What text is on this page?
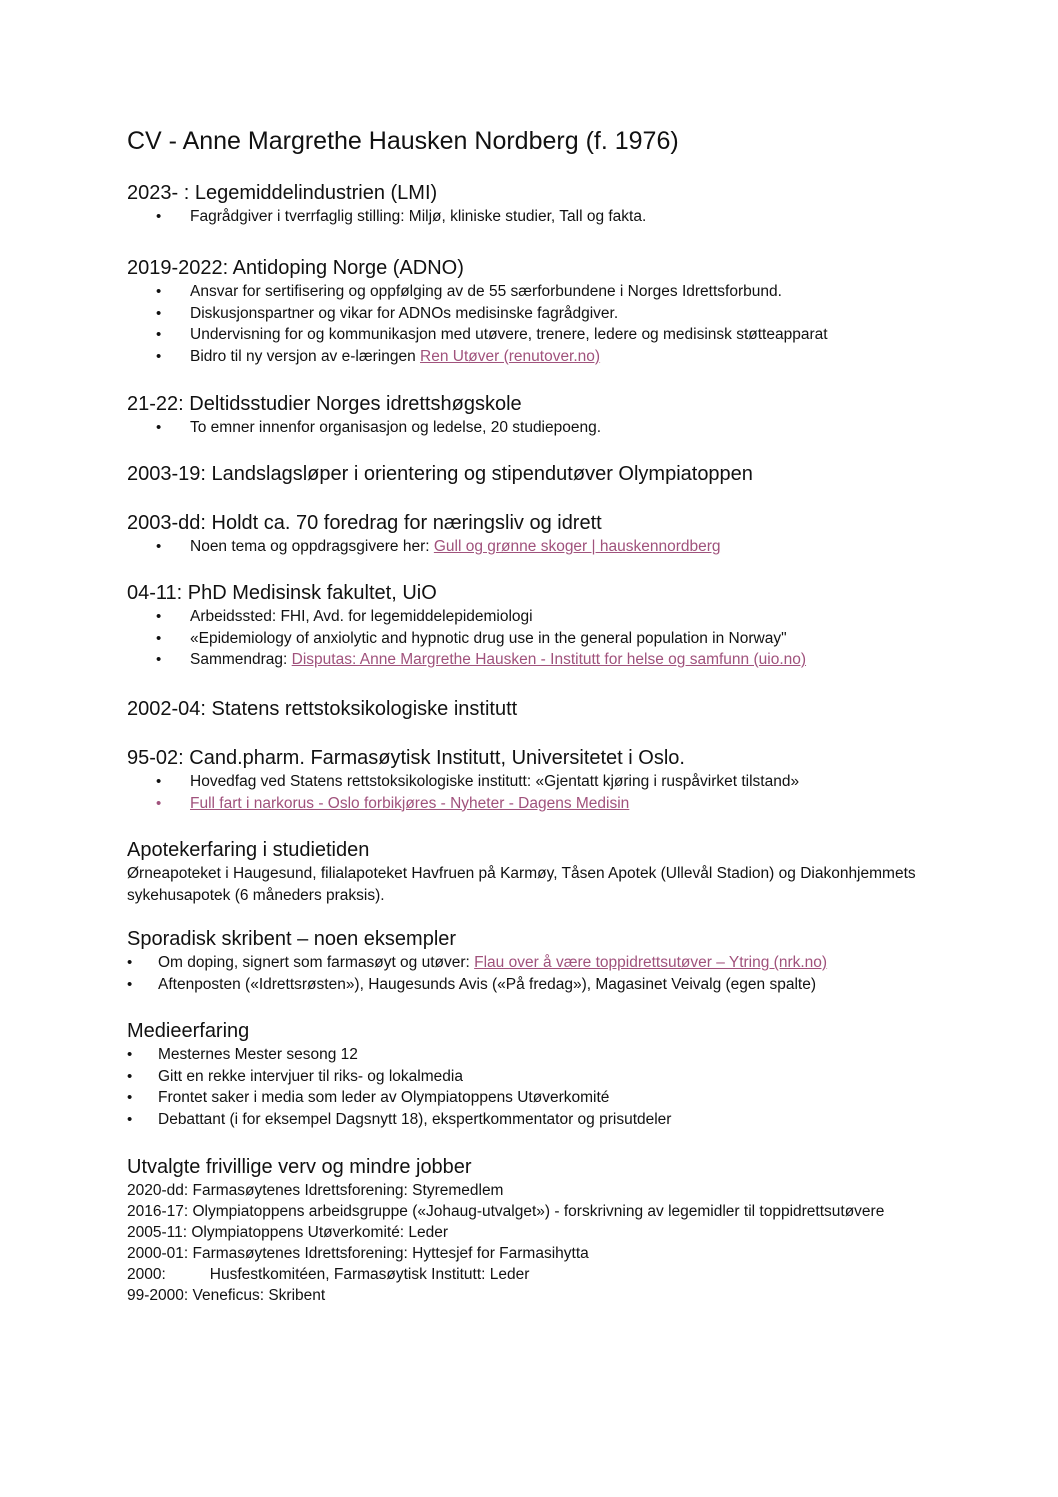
CV - Anne Margrethe Hausken Nordberg (f. 1976)
2023- : Legemiddelindustrien (LMI)
• Fagrådgiver i tverrfaglig stilling: Miljø, kliniske studier, Tall og fakta.
2019-2022: Antidoping Norge (ADNO)
• Ansvar for sertifisering og oppfølging av de 55 særforbundene i Norges Idrettsforbund.
• Diskusjonspartner og vikar for ADNOs medisinske fagrådgiver.
• Undervisning for og kommunikasjon med utøvere, trenere, ledere og medisinsk støtteapparat
• Bidro til ny versjon av e-læringen Ren Utøver (renutover.no)
21-22: Deltidsstudier Norges idrettshøgskole
• To emner innenfor organisasjon og ledelse, 20 studiepoeng.
2003-19: Landslagsløper i orientering og stipendutøver Olympiatoppen
2003-dd: Holdt ca. 70 foredrag for næringsliv og idrett
• Noen tema og oppdragsgivere her: Gull og grønne skoger | hauskennordberg
04-11: PhD Medisinsk fakultet, UiO
• Arbeidssted: FHI, Avd. for legemiddelepidemiologi
• «Epidemiology of anxiolytic and hypnotic drug use in the general population in Norway"
• Sammendrag: Disputas: Anne Margrethe Hausken - Institutt for helse og samfunn (uio.no)
2002-04: Statens rettstoksikologiske institutt
95-02: Cand.pharm. Farmasøytisk Institutt, Universitetet i Oslo.
• Hovedfag ved Statens rettstoksikologiske institutt: «Gjentatt kjøring i ruspåvirket tilstand»
• Full fart i narkorus - Oslo forbikjøres - Nyheter - Dagens Medisin
Apotekerfaring i studietiden

Ørneapoteket i Haugesund, filialapoteket Havfruen på Karmøy, Tåsen Apotek (Ullevål Stadion) og Diakonhjemmets sykehusapotek (6 måneders praksis).

Sporadisk skribent – noen eksempler
• Om doping, signert som farmasøyt og utøver: Flau over å være toppidrettsutøver – Ytring (nrk.no)
• Aftenposten («Idrettsrøsten»), Haugesunds Avis («På fredag»), Magasinet Veivalg (egen spalte)
Medieerfaring
• Mesternes Mester sesong 12
• Gitt en rekke intervjuer til riks- og lokalmedia
• Frontet saker i media som leder av Olympiatoppens Utøverkomité
• Debattant (i for eksempel Dagsnytt 18), ekspertkommentator og prisutdeler
Utvalgte frivillige verv og mindre jobber

2020-dd: Farmasøytenes Idrettsforening: Styremedlem

2016-17: Olympiatoppens arbeidsgruppe («Johaug-utvalget») - forskrivning av legemidler til toppidrettsutøvere

2005-11: Olympiatoppens Utøverkomité: Leder

2000-01: Farmasøytenes Idrettsforening: Hyttesjef for Farmasihytta

2000:	Husfestkomitéen, Farmasøytisk Institutt: Leder

99-2000: Veneficus: Skribent
